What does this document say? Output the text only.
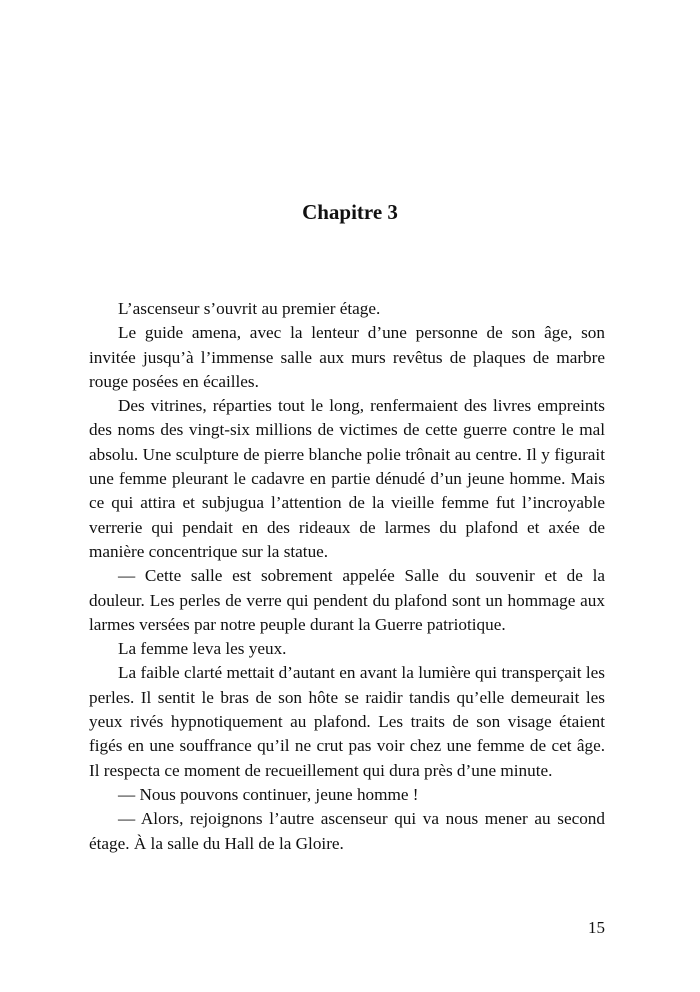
Chapitre 3

L’ascenseur s’ouvrit au premier étage.

Le guide amena, avec la lenteur d’une personne de son âge, son invitée jusqu’à l’immense salle aux murs revêtus de plaques de marbre rouge posées en écailles.

Des vitrines, réparties tout le long, renfermaient des livres empreints des noms des vingt-six millions de victimes de cette guerre contre le mal absolu. Une sculpture de pierre blanche polie trônait au centre. Il y figurait une femme pleurant le cadavre en partie dénudé d’un jeune homme. Mais ce qui attira et subjugua l’attention de la vieille femme fut l’incroyable verrerie qui pendait en des rideaux de larmes du plafond et axée de manière concentrique sur la statue.

— Cette salle est sobrement appelée Salle du souvenir et de la douleur. Les perles de verre qui pendent du plafond sont un hommage aux larmes versées par notre peuple durant la Guerre patriotique.

La femme leva les yeux.

La faible clarté mettait d’autant en avant la lumière qui transperçait les perles. Il sentit le bras de son hôte se raidir tandis qu’elle demeurait les yeux rivés hypnotiquement au plafond. Les traits de son visage étaient figés en une souffrance qu’il ne crut pas voir chez une femme de cet âge. Il respecta ce moment de recueillement qui dura près d’une minute.

— Nous pouvons continuer, jeune homme !

— Alors, rejoignons l’autre ascenseur qui va nous mener au second étage. À la salle du Hall de la Gloire.

15
